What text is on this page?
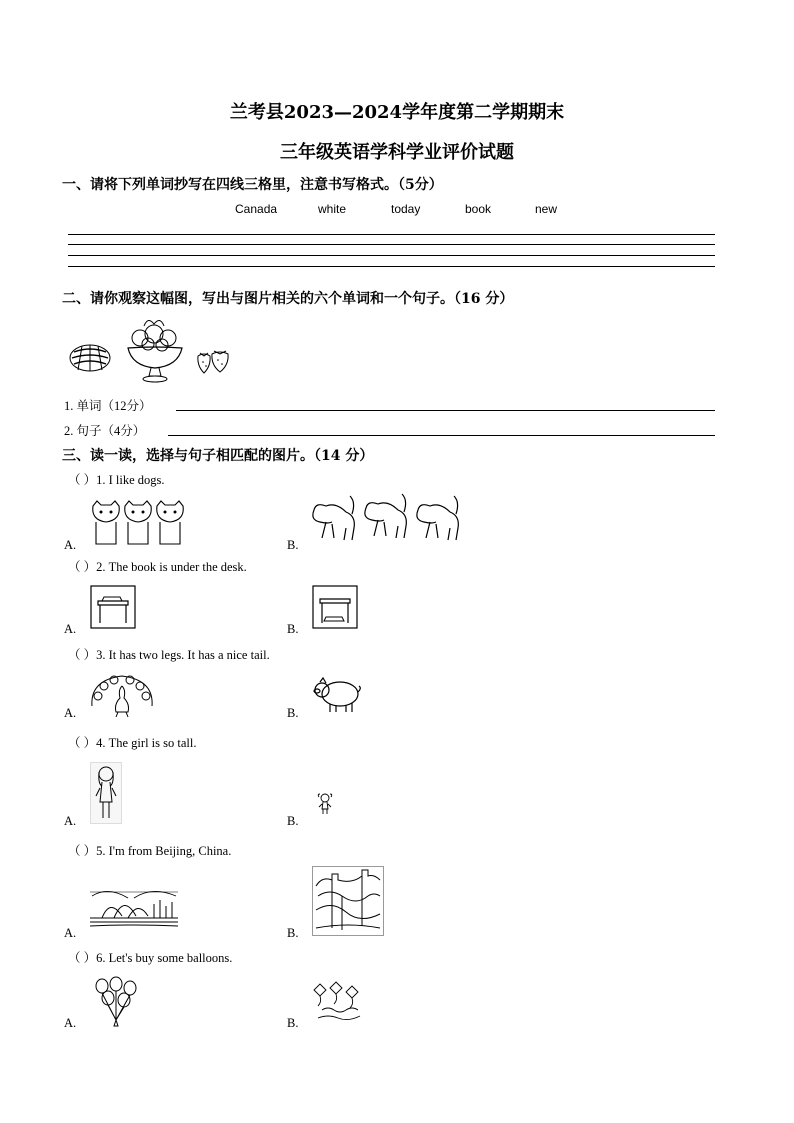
兰考县2023—2024学年度第二学期期末
三年级英语学科学业评价试题
一、请将下列单词抄写在四线三格里，注意书写格式。（5分）
Canada	white	today	book	new
二、请你观察这幅图，写出与图片相关的六个单词和一个句子。（16 分）
1. 单词（12分）
2. 句子（4分）
三、读一读，选择与句子相匹配的图片。（14 分）
（ ）1. I like dogs.
A.	B.
（ ）2. The book is under the desk.
A.	B.
（ ）3. It has two legs. It has a nice tail.
A.	B.
（ ）4. The girl is so tall.
A.	B.
（ ）5. I'm from Beijing, China.
A.	B.
（ ）6. Let's buy some balloons.
A.	B.
